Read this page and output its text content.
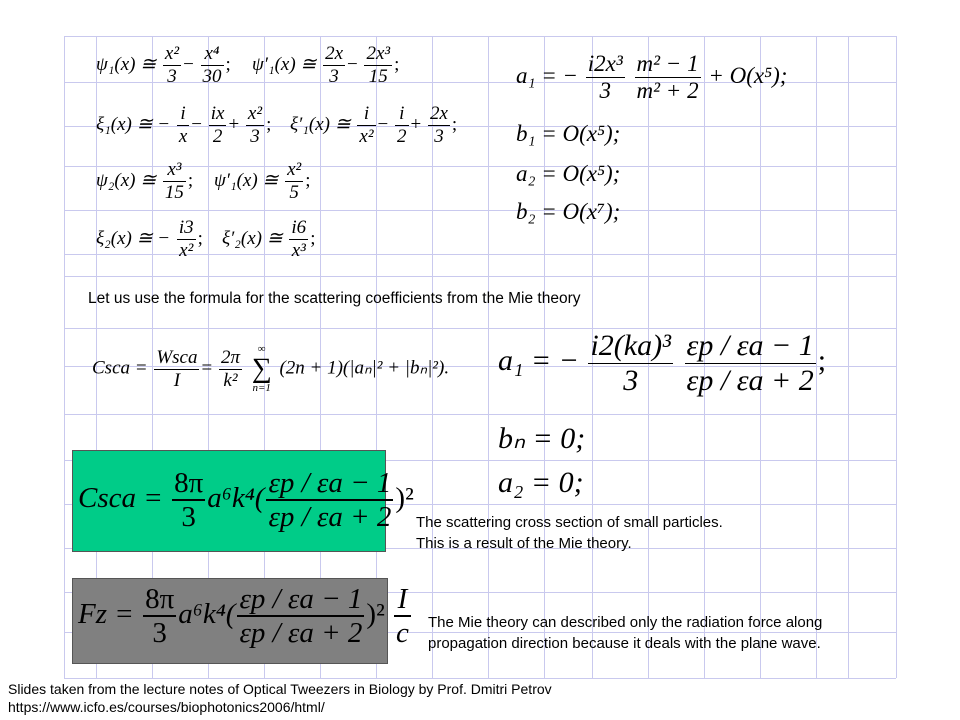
ψ₁(x) ≅ $\frac{\text{x²}}{3} - \frac{\text{x⁴}}{30}$ ; ψ′₁(x) ≅ $\frac{2x}{3} - \frac{\text{2x³}}{15}$ ;
ξ₁(x) ≅ − $\frac{i}{x} - \frac{ix}{2} + \frac{\text{x²}}{3}$ ; ξ′₁(x) ≅ $\frac{i}{\text{x²}} - \frac{i}{2} + \frac{2x}{3}$ ;
ψ₂(x) ≅ $\frac{\text{x³}}{15}$ ; ψ′₁(x) ≅ $\frac{\text{x²}}{5}$ ;
ξ₂(x) ≅ − $\frac{i3}{\text{x²}}$ ; ξ′₂(x) ≅ $\frac{i6}{\text{x³}}$ ;
a₁ = − $\frac{\text{i2x³}}{3}$
$\frac{\text{m² − 1}}{\text{m² + 2}} + O(x^5)$;
b₁ = O(x⁵);
a₂ = O(x⁵);
b₂ = O(x⁷);
Let us use the formula for the scattering coefficients from the Mie theory
Csca = $\frac{\text{Wsca}}{I} = \frac{2\pi}{\text{k²}}$
	∞
∑
n=1
(2n + 1)(|aₙ|² + |bₙ|²). a₁ = − $\frac{\text{i2(ka)³}}{3}$
$\frac{\varepsilon p / \varepsilon a - 1}{\varepsilon p / \varepsilon a + 2}$ ;
bₙ = 0;
a₂ = 0;
Csca = $\frac{8\pi}{3} a^6k^4( \frac{\varepsilon p / \varepsilon a - 1}{\varepsilon p / \varepsilon a + 2} )^2$
The scattering cross section of small particles.
This is a result of the Mie theory.
$Fz = \frac{8\pi}{3} a^6k^4( \frac{\varepsilon p / \varepsilon a - 1}{\varepsilon p / \varepsilon a + 2} )^2 \frac{I}{c}$ The Mie theory can described only the radiation force along
propagation direction because it deals with the plane wave.
Slides taken from the lecture notes of Optical Tweezers in Biology by Prof. Dmitri Petrov
https://www.icfo.es/courses/biophotonics2006/html/
